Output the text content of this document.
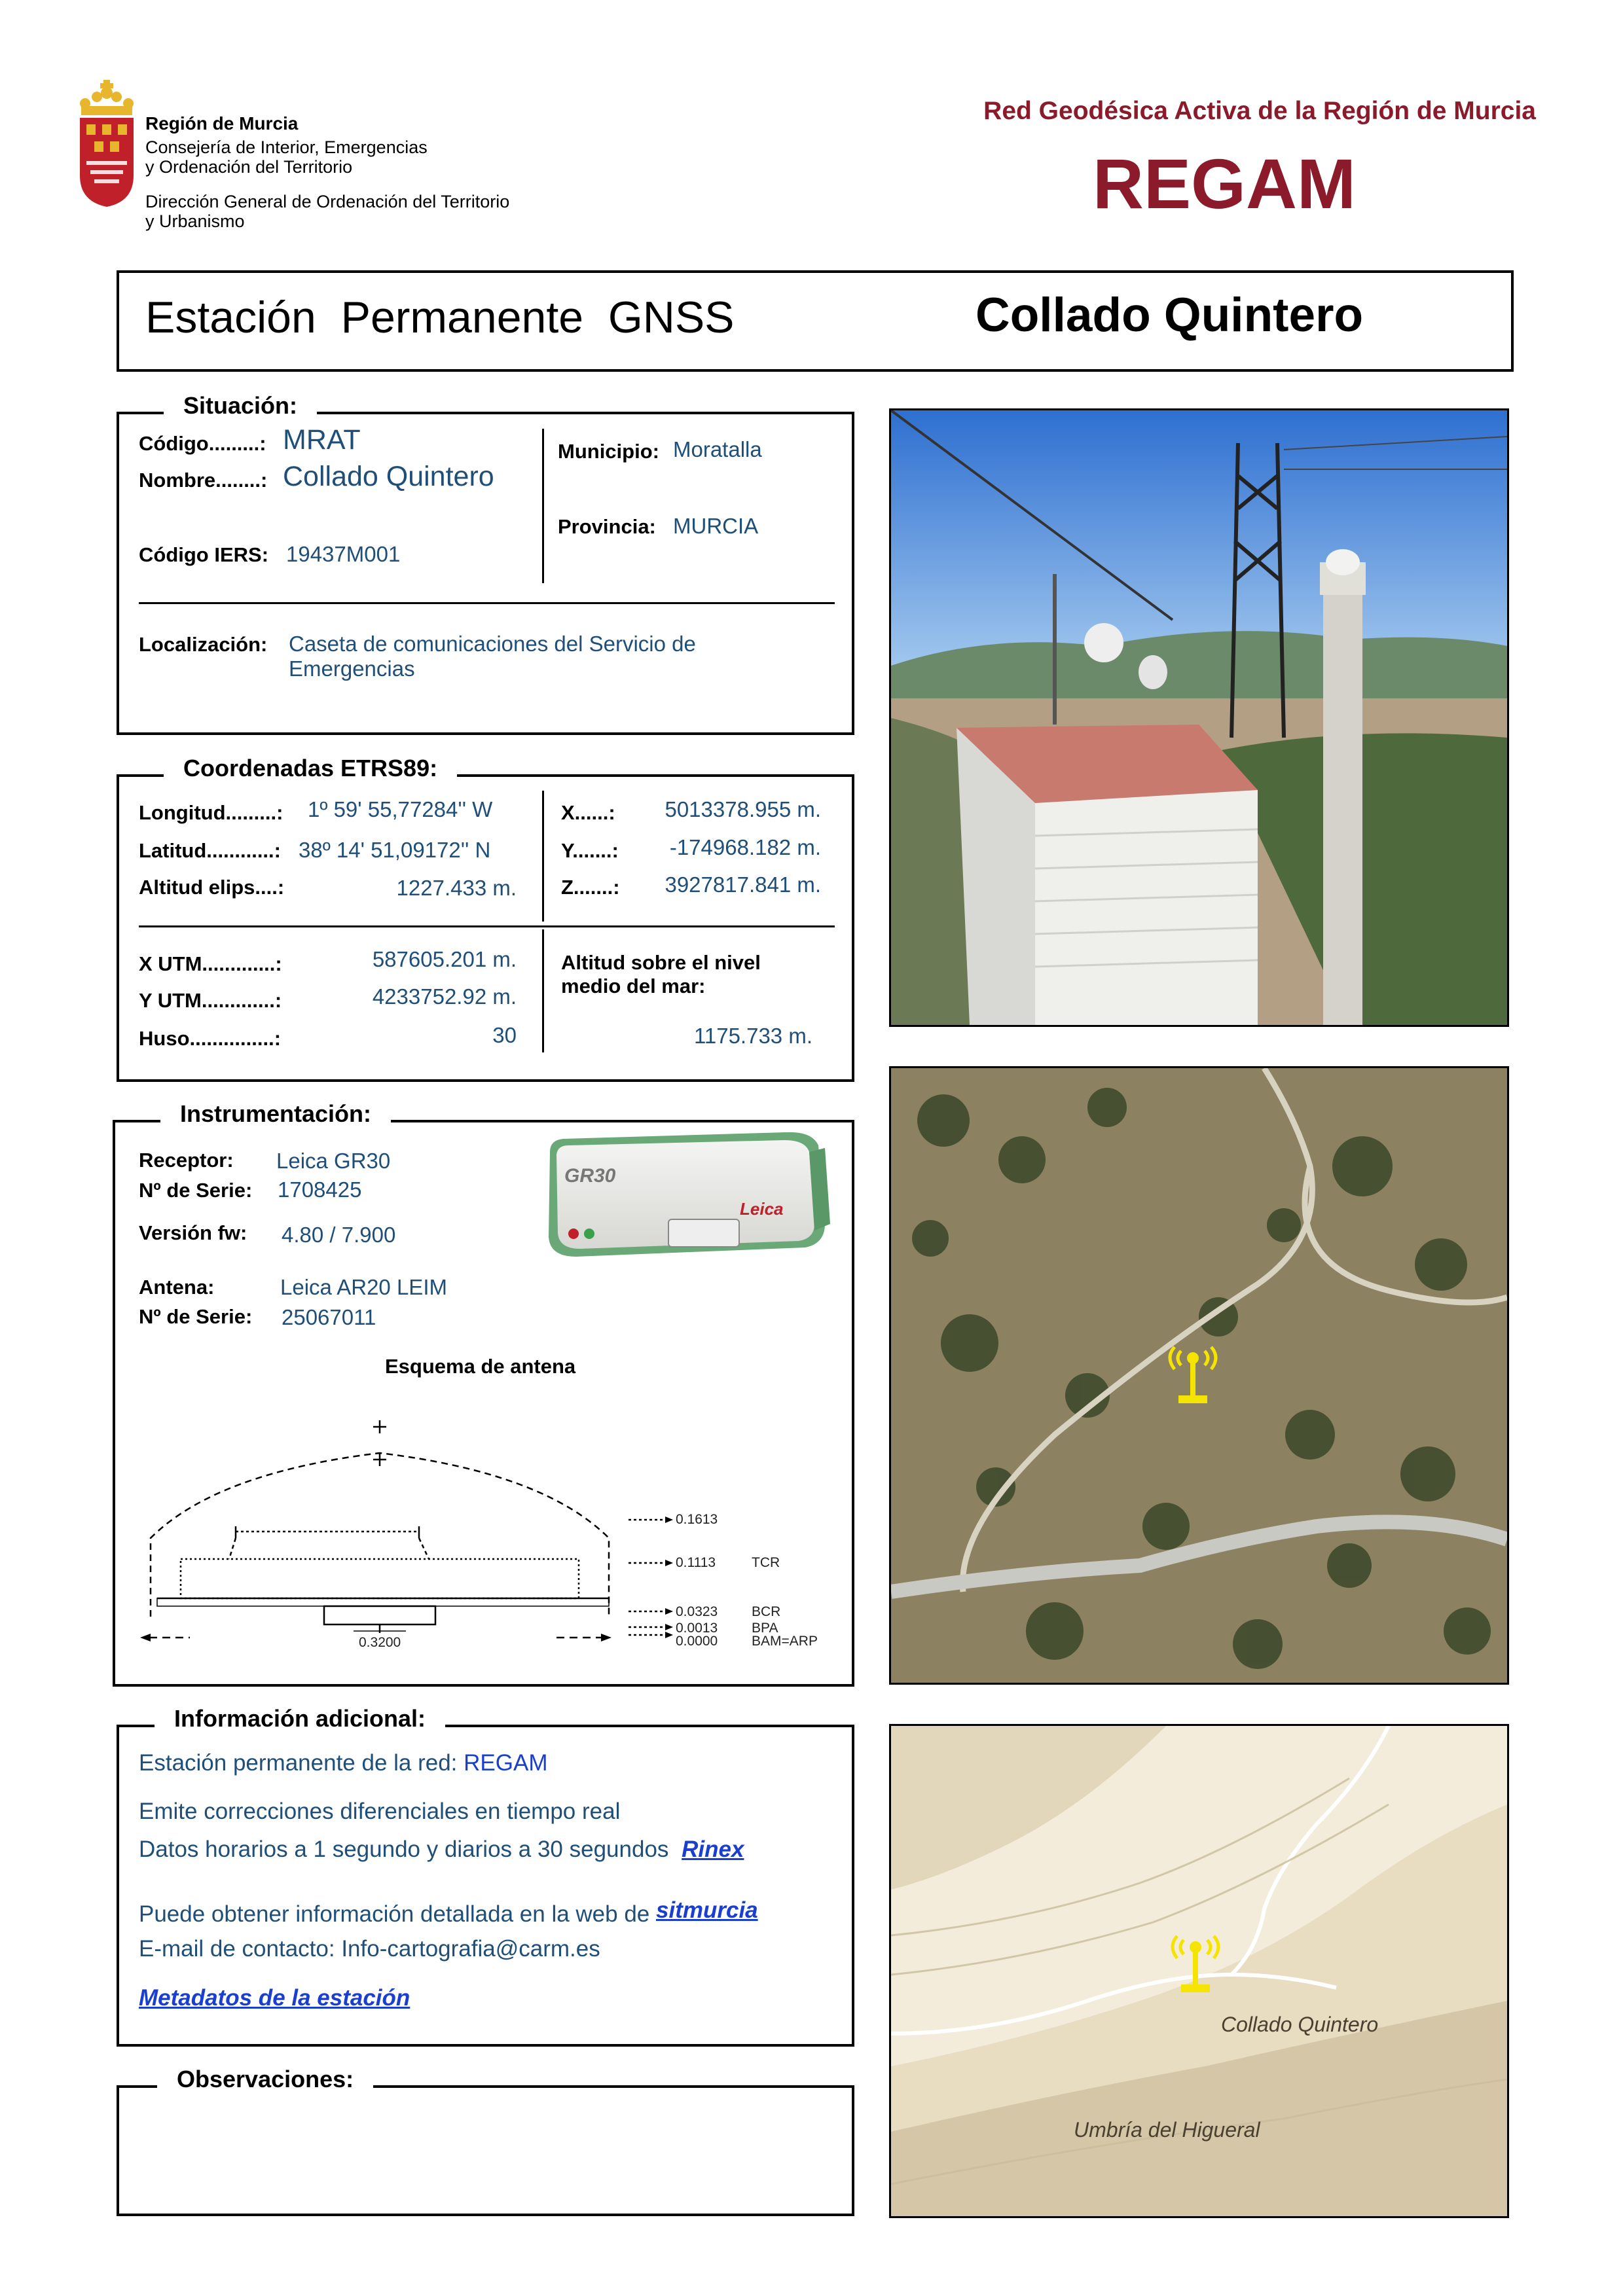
Región de Murcia
Consejería de Interior, Emergencias
y Ordenación del Territorio
Dirección General de Ordenación del Territorio
y Urbanismo
Red Geodésica Activa de la Región de Murcia
REGAM
Estación  Permanente  GNSS	Collado Quintero
Situación:
Código.........: MRAT
Nombre........: Collado Quintero
Código IERS: 19437M001
Municipio: Moratalla
Provincia: MURCIA
Localización: Caseta de comunicaciones del Servicio de
Emergencias
Coordenadas ETRS89:
Longitud.........: 1º 59' 55,77284'' W
Latitud............: 38º 14' 51,09172'' N
Altitud elips....:	1227.433 m.
X......: 5013378.955 m.
Y.......: -174968.182 m.
Z.......: 3927817.841 m.
X UTM.............:	587605.201 m.
Y UTM.............:	4233752.92 m.
Huso...............:	30
Altitud sobre el nivel
medio del mar:
1175.733 m.
Instrumentación:
Receptor: Leica GR30
Nº de Serie: 1708425
Versión fw: 4.80 / 7.900
Antena:	Leica AR20 LEIM
Nº de Serie: 25067011
GR30
Leica
Esquema de antena
0.1613
0.1113	TCR
0.0323 BCR
0.0013 BPA
0.0000 BAM=ARP
0.3200
Información adicional:
Estación permanente de la red: REGAM
Emite correcciones diferenciales en tiempo real
Datos horarios a 1 segundo y diarios a 30 segundos Rinex
Puede obtener información detallada en la web de sitmurcia
E-mail de contacto: Info-cartografia@carm.es
Metadatos de la estación
Observaciones:
Collado Quintero
Umbría del Higueral
